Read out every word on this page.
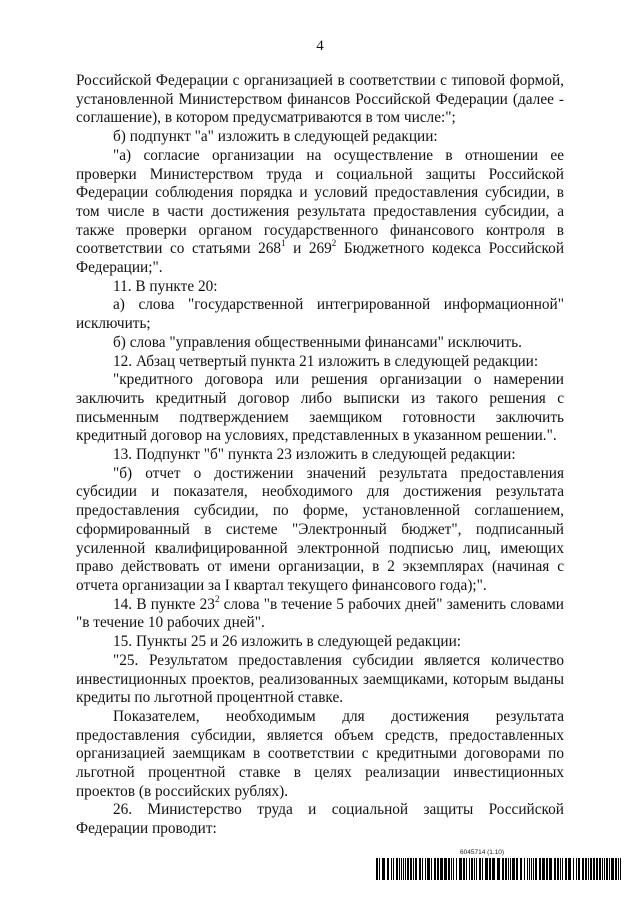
4

Российской Федерации с организацией в соответствии с типовой формой, установленной Министерством финансов Российской Федерации (далее - соглашение), в котором предусматриваются в том числе:";

б) подпункт "а" изложить в следующей редакции:

"а) согласие организации на осуществление в отношении ее проверки Министерством труда и социальной защиты Российской Федерации соблюдения порядка и условий предоставления субсидии, в том числе в части достижения результата предоставления субсидии, а также проверки органом государственного финансового контроля в соответствии со статьями $268^1$ и $269^2$ Бюджетного кодекса Российской Федерации;".

11. В пункте 20:

а) слова "государственной интегрированной информационной" исключить;

б) слова "управления общественными финансами" исключить.

12. Абзац четвертый пункта 21 изложить в следующей редакции:

"кредитного договора или решения организации о намерении заключить кредитный договор либо выписки из такого решения с письменным подтверждением заемщиком готовности заключить кредитный договор на условиях, представленных в указанном решении.".

13. Подпункт "б" пункта 23 изложить в следующей редакции:

"б) отчет о достижении значений результата предоставления субсидии и показателя, необходимого для достижения результата предоставления субсидии, по форме, установленной соглашением, сформированный в системе "Электронный бюджет", подписанный усиленной квалифицированной электронной подписью лиц, имеющих право действовать от имени организации, в 2 экземплярах (начиная с отчета организации за I квартал текущего финансового года);".

14. В пункте $23^2$ слова "в течение 5 рабочих дней" заменить словами "в течение 10 рабочих дней".

15. Пункты 25 и 26 изложить в следующей редакции:

"25. Результатом предоставления субсидии является количество инвестиционных проектов, реализованных заемщиками, которым выданы кредиты по льготной процентной ставке.

Показателем, необходимым для достижения результата предоставления субсидии, является объем средств, предоставленных организацией заемщикам в соответствии с кредитными договорами по льготной процентной ставке в целях реализации инвестиционных проектов (в российских рублях).

26. Министерство труда и социальной защиты Российской Федерации проводит:

6045714 (1.10)
